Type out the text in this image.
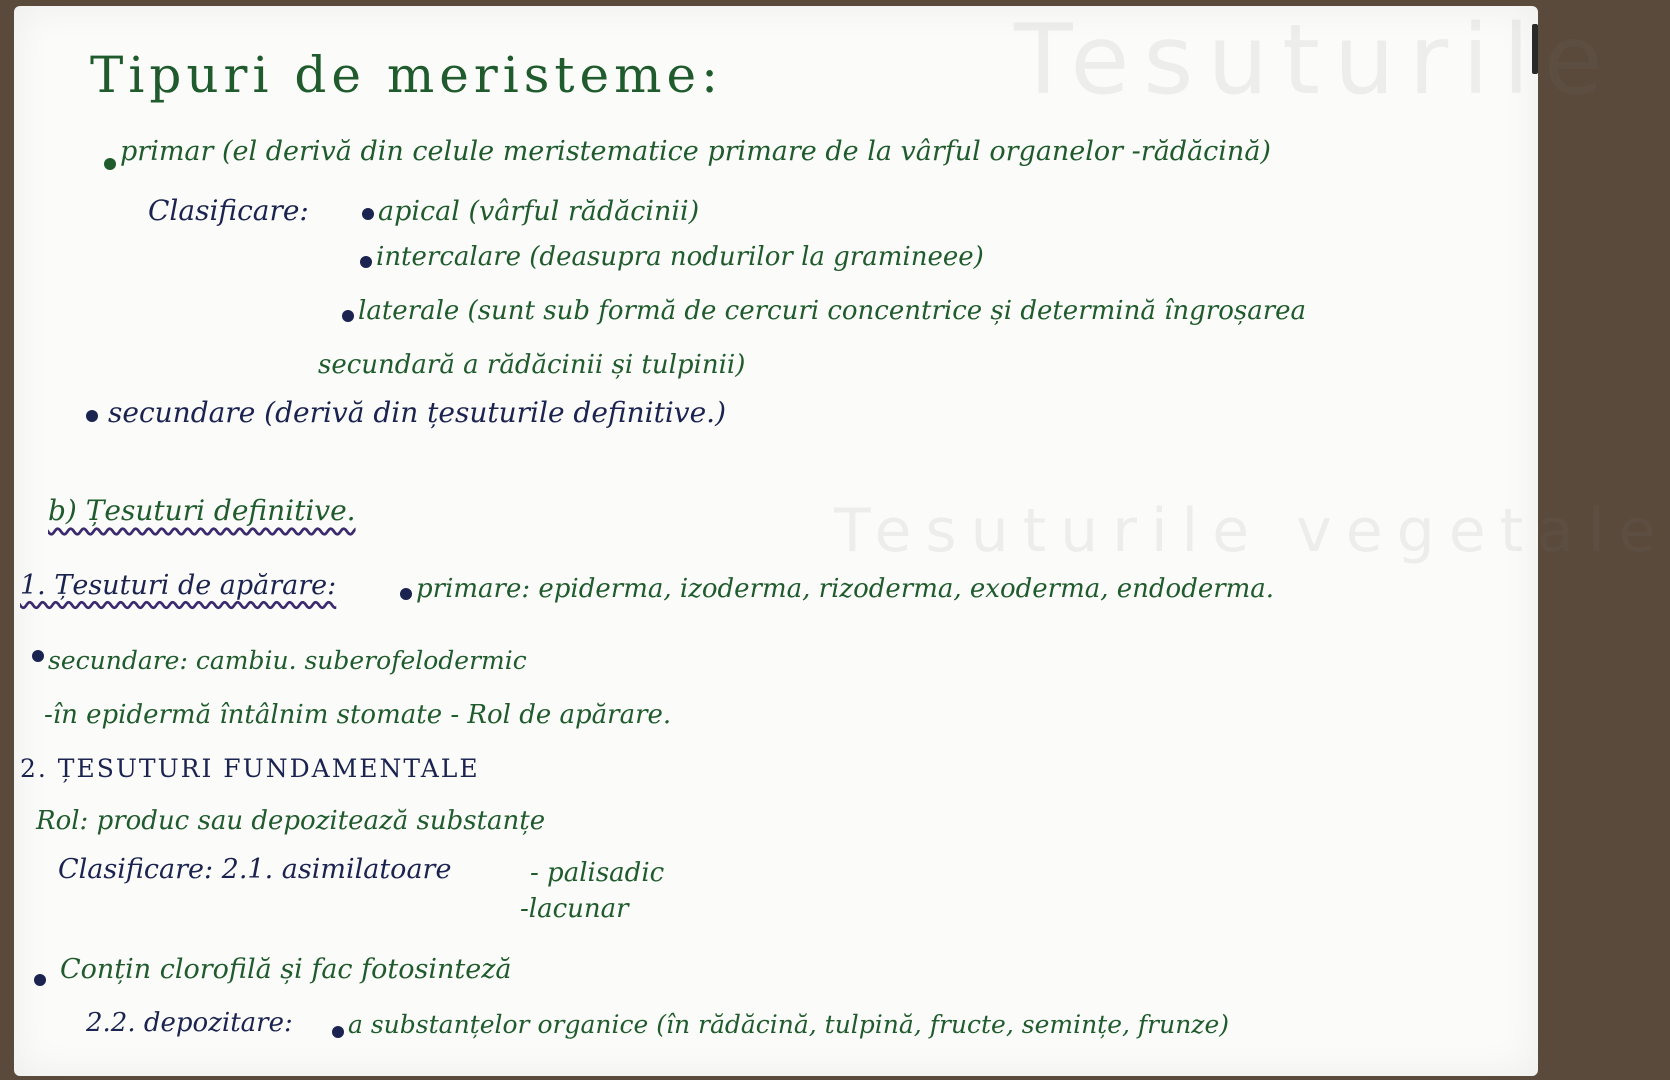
Tesuturile
Tesuturile vegetale
Tipuri de meristeme:
primar (el derivă din celule meristematice primare de la vârful organelor -rădăcină)
Clasificare:	apical (vârful rădăcinii)
intercalare (deasupra nodurilor la gramineee)
laterale (sunt sub formă de cercuri concentrice și determină îngroșarea
secundară a rădăcinii și tulpinii)
secundare (derivă din țesuturile definitive.)
b) Țesuturi definitive.
1. Țesuturi de apărare:	primare: epiderma, izoderma, rizoderma, exoderma, endoderma.
secundare: cambiu. suberofelodermic
-în epidermă întâlnim stomate - Rol de apărare.
2. ȚESUTURI FUNDAMENTALE
Rol: produc sau depozitează substanțe
Clasificare: 2.1. asimilatoare	- palisadic
-lacunar
Conțin clorofilă și fac fotosinteză
2.2. depozitare: a substanțelor organice (în rădăcină, tulpină, fructe, semințe, frunze)
